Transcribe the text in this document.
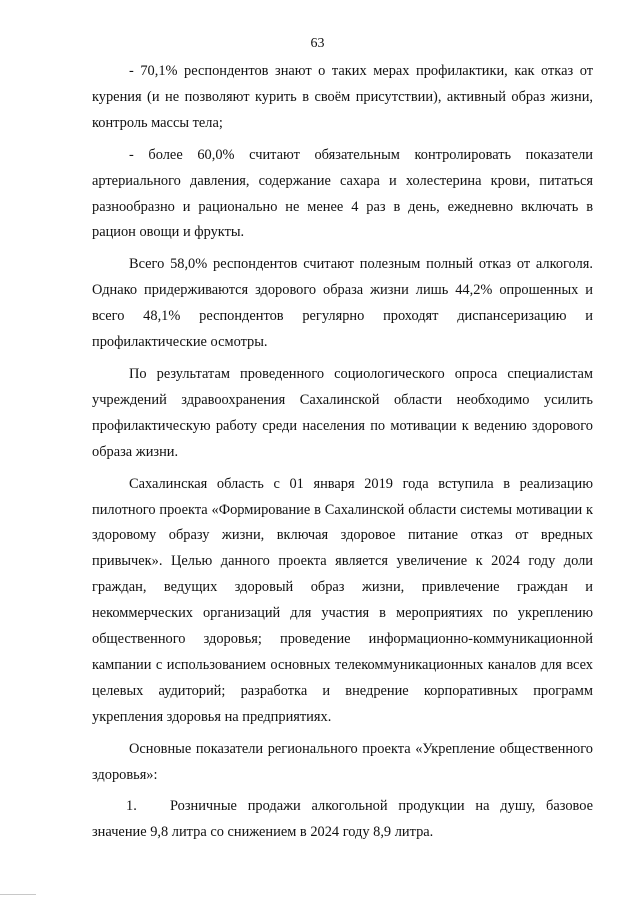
63

- 70,1% респондентов знают о таких мерах профилактики, как отказ от курения (и не позволяют курить в своём присутствии), активный образ жизни, контроль массы тела;

- более 60,0% считают обязательным контролировать показатели артериального давления, содержание сахара и холестерина крови, питаться разнообразно и рационально не менее 4 раз в день, ежедневно включать в рацион овощи и фрукты.

Всего 58,0% респондентов считают полезным полный отказ от алкоголя. Однако придерживаются здорового образа жизни лишь 44,2% опрошенных и всего 48,1% респондентов регулярно проходят диспансеризацию и профилактические осмотры.

По результатам проведенного социологического опроса специалистам учреждений здравоохранения Сахалинской области необходимо усилить профилактическую работу среди населения по мотивации к ведению здорового образа жизни.

Сахалинская область с 01 января 2019 года вступила в реализацию пилотного проекта «Формирование в Сахалинской области системы мотивации к здоровому образу жизни, включая здоровое питание отказ от вредных привычек». Целью данного проекта является увеличение к 2024 году доли граждан, ведущих здоровый образ жизни, привлечение граждан и некоммерческих организаций для участия в мероприятиях по укреплению общественного здоровья; проведение информационно-коммуникационной кампании с использованием основных телекоммуникационных каналов для всех целевых аудиторий; разработка и внедрение корпоративных программ укрепления здоровья на предприятиях.

Основные показатели регионального проекта «Укрепление общественного здоровья»:

1. Розничные продажи алкогольной продукции на душу, базовое значение 9,8 литра со снижением в 2024 году 8,9 литра.
